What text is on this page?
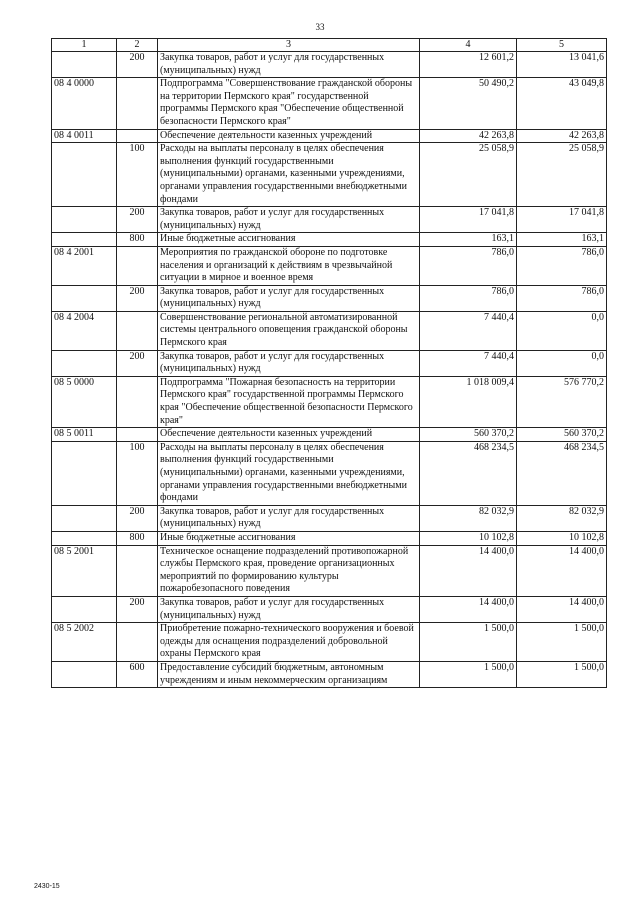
33
1	2	3	4	5
	200	Закупка товаров, работ и услуг для государственных (муниципальных) нужд	12 601,2	13 041,6
08 4 0000		Подпрограмма "Совершенствование гражданской обороны на территории Пермского края" государственной программы Пермского края "Обеспечение общественной безопасности Пермского края"	50 490,2	43 049,8
08 4 0011		Обеспечение деятельности казенных учреждений	42 263,8	42 263,8
	100	Расходы на выплаты персоналу в целях обеспечения выполнения функций государственными (муниципальными) органами, казенными учреждениями, органами управления государственными внебюджетными фондами	25 058,9	25 058,9
	200	Закупка товаров, работ и услуг для государственных (муниципальных) нужд	17 041,8	17 041,8
	800	Иные бюджетные ассигнования	163,1	163,1
08 4 2001		Мероприятия по гражданской обороне по подготовке населения и организаций к действиям в чрезвычайной ситуации в мирное и военное время	786,0	786,0
	200	Закупка товаров, работ и услуг для государственных (муниципальных) нужд	786,0	786,0
08 4 2004		Совершенствование региональной автоматизированной системы центрального оповещения гражданской обороны Пермского края	7 440,4	0,0
	200	Закупка товаров, работ и услуг для государственных (муниципальных) нужд	7 440,4	0,0
08 5 0000		Подпрограмма "Пожарная безопасность на территории Пермского края" государственной программы Пермского края "Обеспечение общественной безопасности Пермского края"	1 018 009,4	576 770,2
08 5 0011		Обеспечение деятельности казенных учреждений	560 370,2	560 370,2
	100	Расходы на выплаты персоналу в целях обеспечения выполнения функций государственными (муниципальными) органами, казенными учреждениями, органами управления государственными внебюджетными фондами	468 234,5	468 234,5
	200	Закупка товаров, работ и услуг для государственных (муниципальных) нужд	82 032,9	82 032,9
	800	Иные бюджетные ассигнования	10 102,8	10 102,8
08 5 2001		Техническое оснащение подразделений противопожарной службы Пермского края, проведение организационных мероприятий по формированию культуры пожаробезопасного поведения	14 400,0	14 400,0
	200	Закупка товаров, работ и услуг для государственных (муниципальных) нужд	14 400,0	14 400,0
08 5 2002		Приобретение пожарно-технического вооружения и боевой одежды для оснащения подразделений добровольной охраны Пермского края	1 500,0	1 500,0
	600	Предоставление субсидий бюджетным, автономным учреждениям и иным некоммерческим организациям	1 500,0	1 500,0
2430-15
